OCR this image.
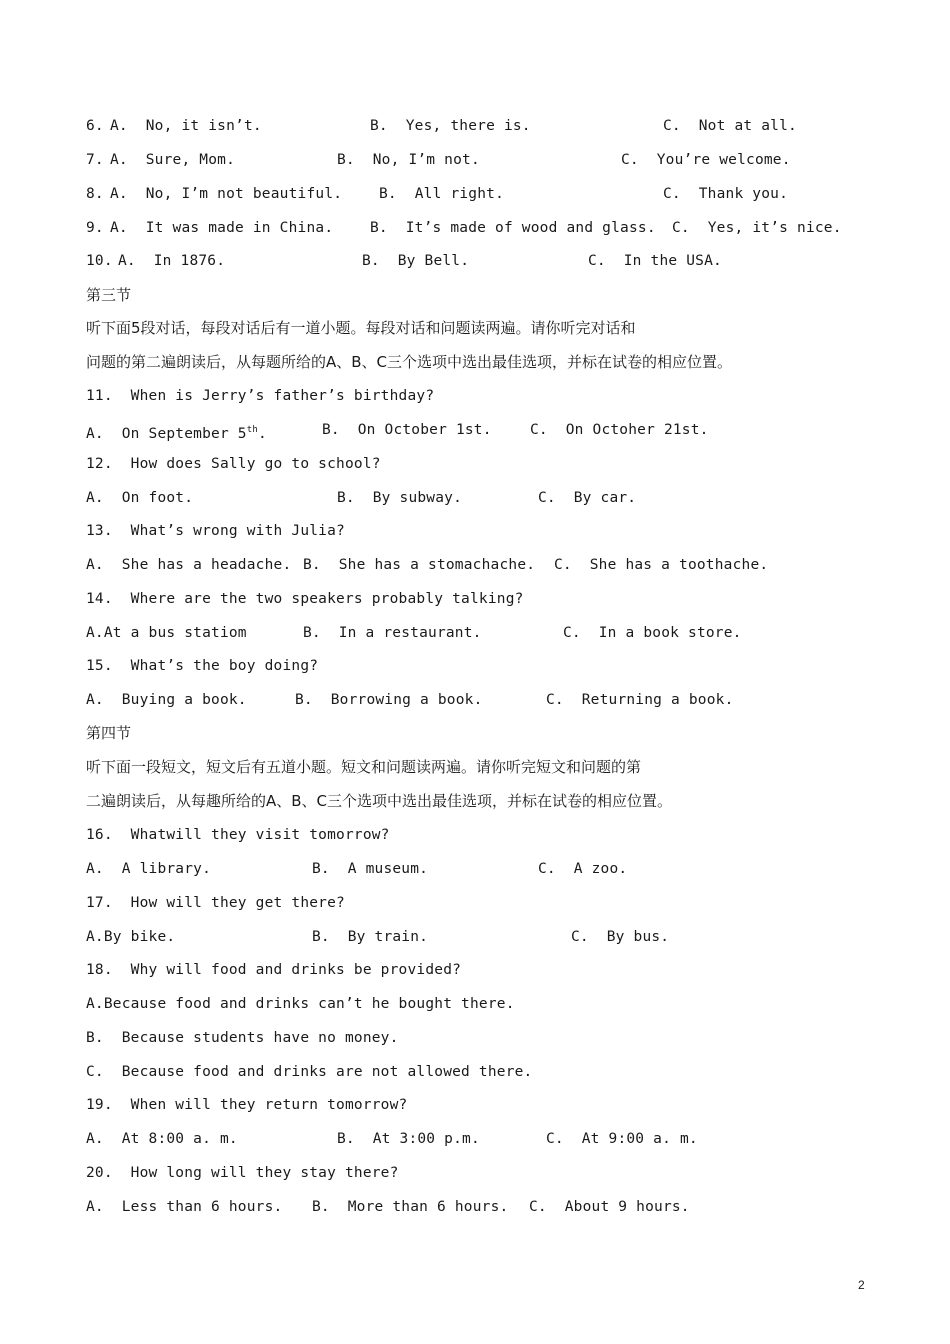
6.

A.  No, it isn’t.

	B.  Yes, there is.

	C.  Not at all.

7.

A.  Sure, Mom.

	B.  No, I’m not.

	C.  You’re welcome.

8.

A.  No, I’m not beautiful.

	B.  All right.

	C.  Thank you.

9.

A.  It was made in China.

	B.  It’s made of wood and glass.

C.  Yes, it’s nice.

10.

A.  In 1876.

	B.  By Bell.

	C.  In the USA.

第三节
听下面5段对话，每段对话后有一道小题。每段对话和问题读两遍。请你听完对话和
问题的第二遍朗读后，从每题所给的A、B、C三个选项中选出最佳选项，并标在试卷的相应位置。
11.  When is Jerry’s father’s birthday?

A.  On September 5th.

	B.  On October 1st.

	C.  On Octoher 21st.

12.  How does Sally go to school?

A.  On foot.

	B.  By subway.

	C.  By car.

13.  What’s wrong with Julia?

A.  She has a headache.

B.  She has a stomachache.

C.  She has a toothache.

14.  Where are the two speakers probably talking?

A.At a bus statiom

	B.  In a restaurant.

	C.  In a book store.

15.  What’s the boy doing?

A.  Buying a book.

	B.  Borrowing a book.

	C.  Returning a book.

第四节
听下面一段短文，短文后有五道小题。短文和问题读两遍。请你听完短文和问题的第
二遍朗读后，从每趣所给的A、B、C三个选项中选出最佳选项，并标在试卷的相应位置。
16.  Whatwill they visit tomorrow?

A.  A library.

	B.  A museum.

	C.  A zoo.

17.  How will they get there?

A.By bike.

	B.  By train.

	C.  By bus.

18.  Why will food and drinks be provided?
A.Because food and drinks can’t he bought there.
B.  Because students have no money.
C.  Because food and drinks are not allowed there.
19.  When will they return tomorrow?

A.  At 8:00 a. m.

	B.  At 3:00 p.m.

	C.  At 9:00 a. m.

20.  How long will they stay there?

A.  Less than 6 hours.

B.  More than 6 hours.

C.  About 9 hours.

2
